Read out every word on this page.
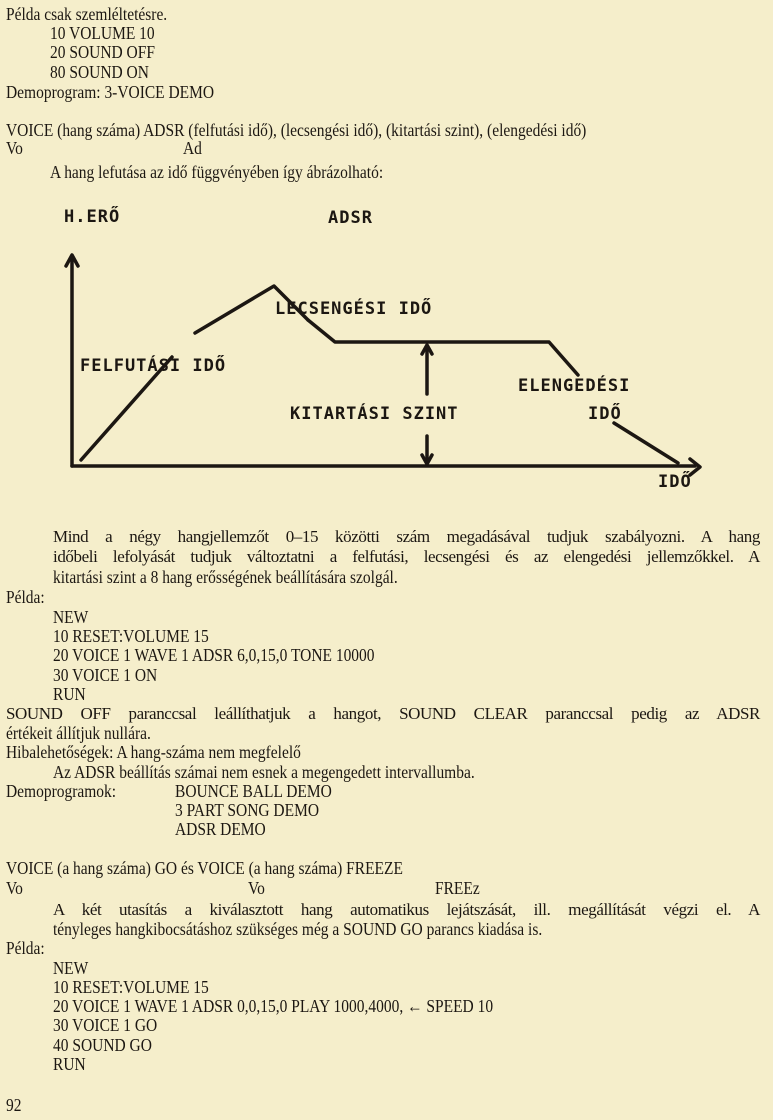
Példa csak szemléltetésre.
10 VOLUME 10
20 SOUND OFF
80 SOUND ON
Demoprogram: 3-VOICE DEMO
VOICE (hang száma) ADSR (felfutási idő), (lecsengési idő), (kitartási szint), (elengedési idő)
Vo	Ad
A hang lefutása az idő függvényében így ábrázolható:
H.ERŐ	ADSR
LECSENGÉSI IDŐ
FELFUTÁSI IDŐ
ELENGEDÉSI
IDŐ
KITARTÁSI SZINT
IDŐ
Mind a négy hangjellemzőt 0–15 közötti szám megadásával tudjuk szabályozni. A hang
időbeli lefolyását tudjuk változtatni a felfutási, lecsengési és az elengedési jellemzőkkel. A
kitartási szint a 8 hang erősségének beállítására szolgál.
Példa:
NEW
10 RESET:VOLUME 15
20 VOICE 1 WAVE 1 ADSR 6,0,15,0 TONE 10000
30 VOICE 1 ON
RUN
SOUND OFF paranccsal leállíthatjuk a hangot, SOUND CLEAR paranccsal pedig az ADSR
értékeit állítjuk nullára.
Hibalehetőségek: A hang-száma nem megfelelő
Az ADSR beállítás számai nem esnek a megengedett intervallumba.
Demoprogramok:	BOUNCE BALL DEMO
3 PART SONG DEMO
ADSR DEMO
VOICE (a hang száma) GO és VOICE (a hang száma) FREEZE
Vo	Vo	FREEz
A két utasítás a kiválasztott hang automatikus lejátszását, ill. megállítását végzi el. A
tényleges hangkibocsátáshoz szükséges még a SOUND GO parancs kiadása is.
Példa:
NEW
10 RESET:VOLUME 15
20 VOICE 1 WAVE 1 ADSR 0,0,15,0 PLAY 1000,4000, ← SPEED 10
30 VOICE 1 GO
40 SOUND GO
RUN
92
